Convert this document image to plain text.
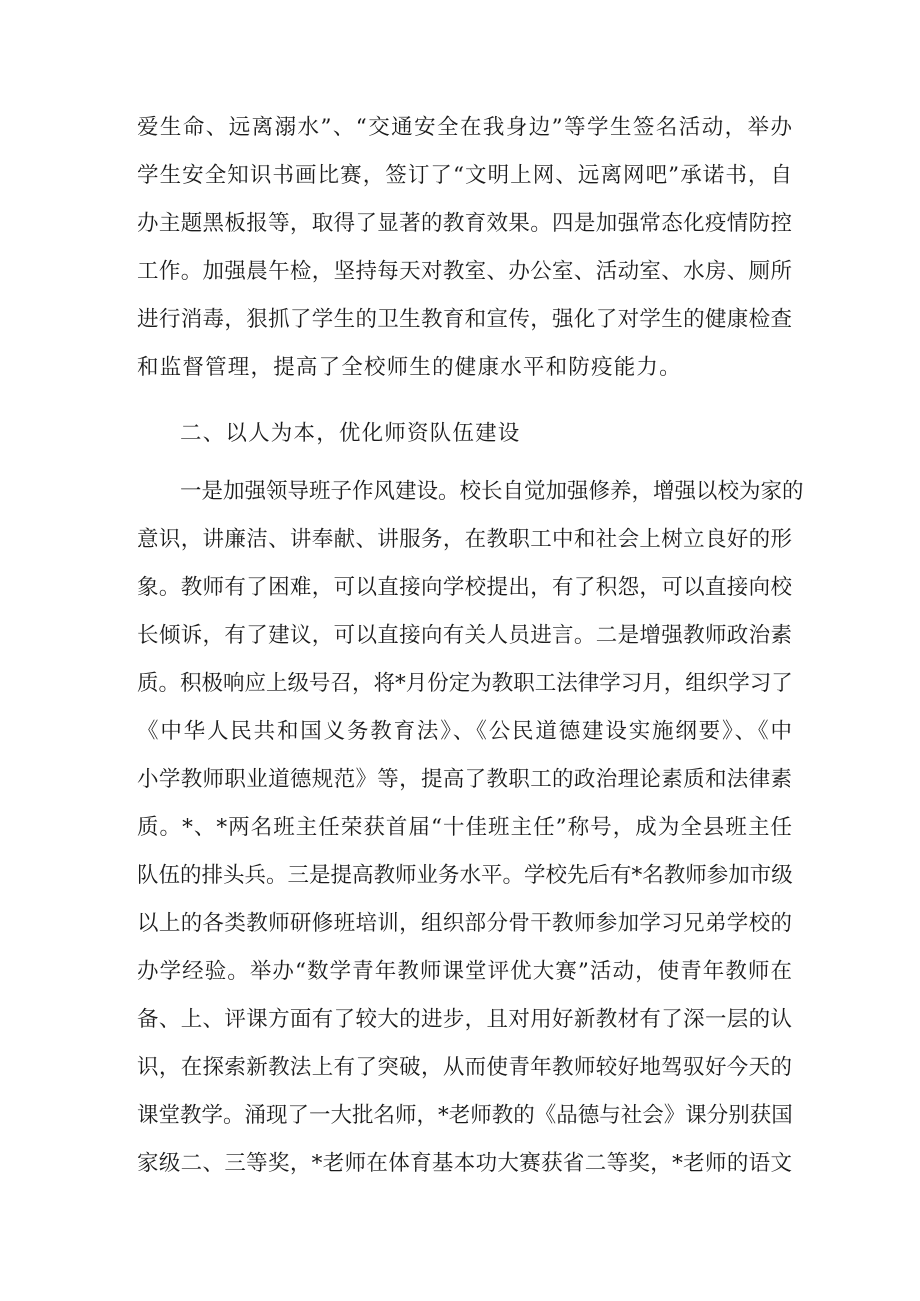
爱生命、远离溺水”、“交通安全在我身边”等学生签名活动，举办
学生安全知识书画比赛，签订了“文明上网、远离网吧”承诺书，自
办主题黑板报等，取得了显著的教育效果。四是加强常态化疫情防控
工作。加强晨午检，坚持每天对教室、办公室、活动室、水房、厕所
进行消毒，狠抓了学生的卫生教育和宣传，强化了对学生的健康检查
和监督管理，提高了全校师生的健康水平和防疫能力。
二、以人为本，优化师资队伍建设
一是加强领导班子作风建设。校长自觉加强修养，增强以校为家的
意识，讲廉洁、讲奉献、讲服务，在教职工中和社会上树立良好的形
象。教师有了困难，可以直接向学校提出，有了积怨，可以直接向校
长倾诉，有了建议，可以直接向有关人员进言。二是增强教师政治素
质。积极响应上级号召，将*月份定为教职工法律学习月，组织学习了
《中华人民共和国义务教育法》、《公民道德建设实施纲要》、《中
小学教师职业道德规范》等，提高了教职工的政治理论素质和法律素
质。*、*两名班主任荣获首届“十佳班主任”称号，成为全县班主任
队伍的排头兵。三是提高教师业务水平。学校先后有*名教师参加市级
以上的各类教师研修班培训，组织部分骨干教师参加学习兄弟学校的
办学经验。举办“数学青年教师课堂评优大赛”活动，使青年教师在
备、上、评课方面有了较大的进步，且对用好新教材有了深一层的认
识，在探索新教法上有了突破，从而使青年教师较好地驾驭好今天的
课堂教学。涌现了一大批名师，*老师教的《品德与社会》课分别获国
家级二、三等奖，*老师在体育基本功大赛获省二等奖，*老师的语文
